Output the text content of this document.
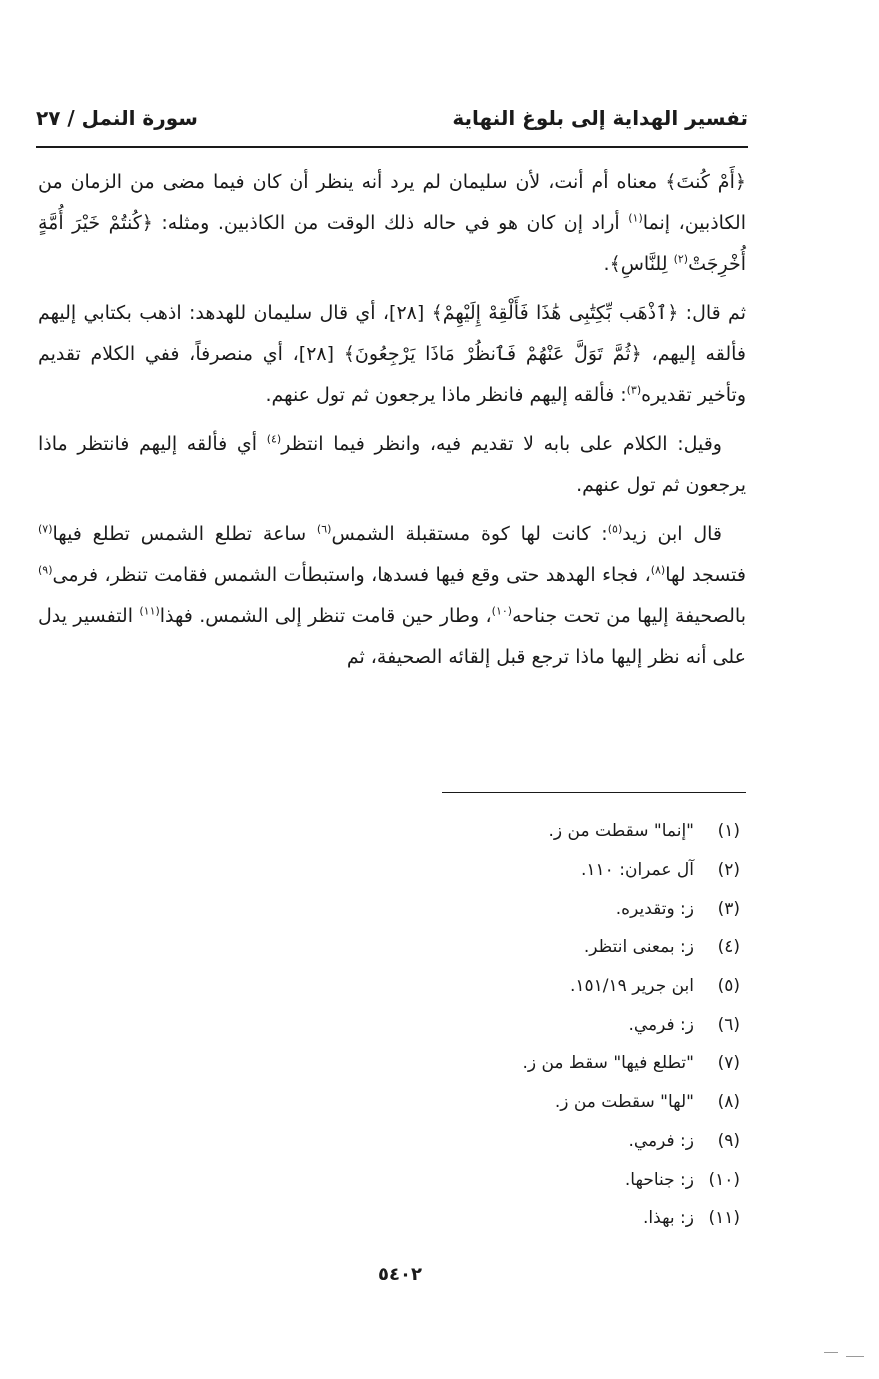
تفسير الهداية إلى بلوغ النهاية
سورة النمل / ٢٧

﴿أَمْ كُنتَ﴾ معناه أم أنت، لأن سليمان لم يرد أنه ينظر أن كان فيما مضى من الزمان من الكاذبين، إنما$^{(١)}$ أراد إن كان هو في حاله ذلك الوقت من الكاذبين. ومثله: ﴿كُنتُمْ خَيْرَ أُمَّةٍ أُخْرِجَتْ$^{(٢)}$ لِلنَّاسِ﴾.

ثم قال: ﴿ٱذْهَب بِّكِتَٰبِى هَٰذَا فَأَلْقِهْ إِلَيْهِمْ﴾ [٢٨]، أي قال سليمان للهدهد: اذهب بكتابي إليهم فألقه إليهم، ﴿ثُمَّ تَوَلَّ عَنْهُمْ فَٱنظُرْ مَاذَا يَرْجِعُونَ﴾ [٢٨]، أي منصرفاً، ففي الكلام تقديم وتأخير تقديره$^{(٣)}$: فألقه إليهم فانظر ماذا يرجعون ثم تول عنهم.

وقيل: الكلام على بابه لا تقديم فيه، وانظر فيما انتظر$^{(٤)}$ أي فألقه إليهم فانتظر ماذا يرجعون ثم تول عنهم.

قال ابن زيد$^{(٥)}$: كانت لها كوة مستقبلة الشمس$^{(٦)}$ ساعة تطلع الشمس تطلع فيها$^{(٧)}$ فتسجد لها$^{(٨)}$، فجاء الهدهد حتى وقع فيها فسدها، واستبطأت الشمس فقامت تنظر، فرمى$^{(٩)}$ بالصحيفة إليها من تحت جناحه$^{(١٠)}$، وطار حين قامت تنظر إلى الشمس. فهذا$^{(١١)}$ التفسير يدل على أنه نظر إليها ماذا ترجع قبل إلقائه الصحيفة، ثم

(١)
"إنما" سقطت من ز.
(٢)
آل عمران: ١١٠.
(٣)
ز: وتقديره.
(٤)
ز: بمعنى انتظر.
(٥)
ابن جرير ١٥١/١٩.
(٦)
ز: فرمي.
(٧)
"تطلع فيها" سقط من ز.
(٨)
"لها" سقطت من ز.
(٩)
ز: فرمي.
(١٠)
ز: جناحها.
(١١)
ز: بهذا.
٥٤٠٢
